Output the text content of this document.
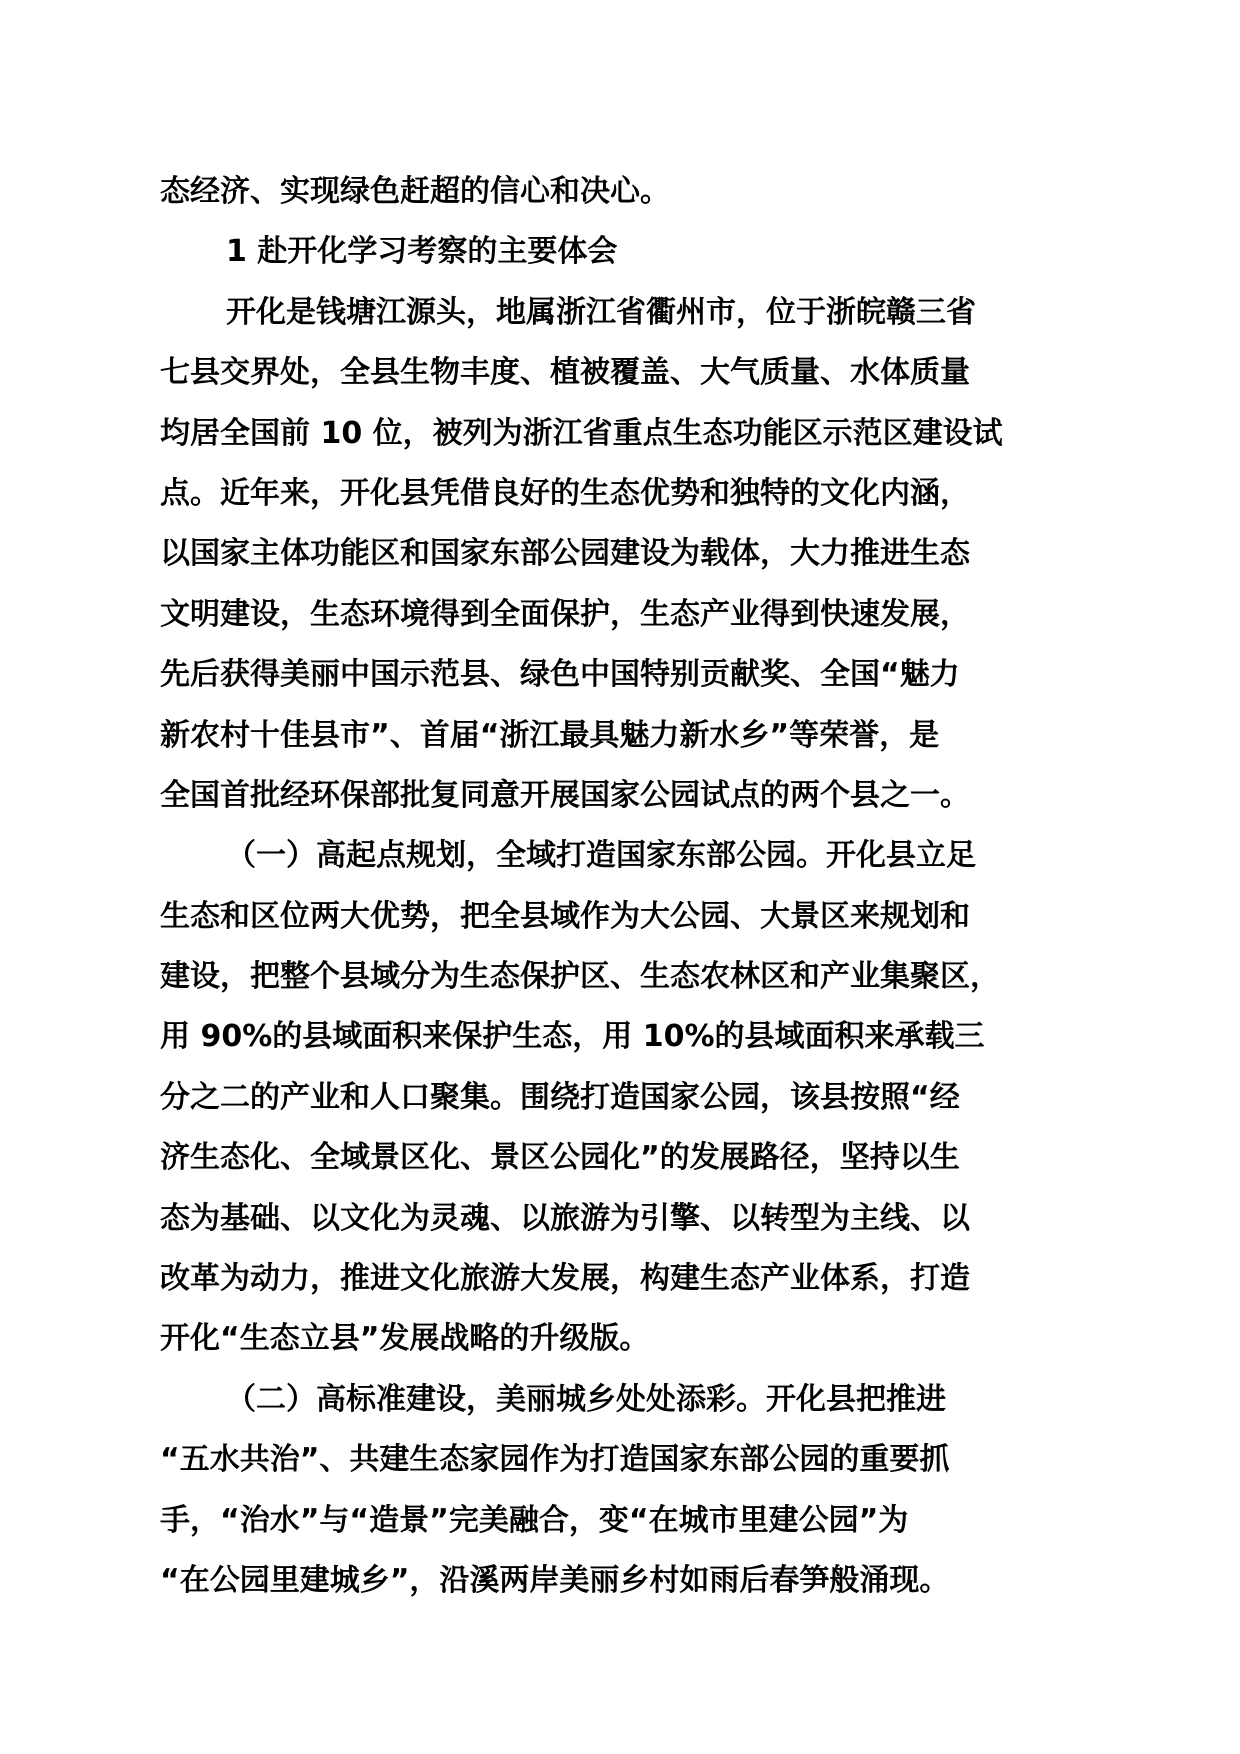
态经济、实现绿色赶超的信心和决心。
1 赴开化学习考察的主要体会
开化是钱塘江源头，地属浙江省衢州市，位于浙皖赣三省
七县交界处，全县生物丰度、植被覆盖、大气质量、水体质量
均居全国前 10 位，被列为浙江省重点生态功能区示范区建设试
点。近年来，开化县凭借良好的生态优势和独特的文化内涵，
以国家主体功能区和国家东部公园建设为载体，大力推进生态
文明建设，生态环境得到全面保护，生态产业得到快速发展，
先后获得美丽中国示范县、绿色中国特别贡献奖、全国“魅力
新农村十佳县市”、首届“浙江最具魅力新水乡”等荣誉，是
全国首批经环保部批复同意开展国家公园试点的两个县之一。
（一）高起点规划，全域打造国家东部公园。开化县立足
生态和区位两大优势，把全县域作为大公园、大景区来规划和
建设，把整个县域分为生态保护区、生态农林区和产业集聚区，
用 90%的县域面积来保护生态，用 10%的县域面积来承载三
分之二的产业和人口聚集。围绕打造国家公园，该县按照“经
济生态化、全域景区化、景区公园化”的发展路径，坚持以生
态为基础、以文化为灵魂、以旅游为引擎、以转型为主线、以
改革为动力，推进文化旅游大发展，构建生态产业体系，打造
开化“生态立县”发展战略的升级版。
（二）高标准建设，美丽城乡处处添彩。开化县把推进
“五水共治”、共建生态家园作为打造国家东部公园的重要抓
手，“治水”与“造景”完美融合，变“在城市里建公园”为
“在公园里建城乡”，沿溪两岸美丽乡村如雨后春笋般涌现。
